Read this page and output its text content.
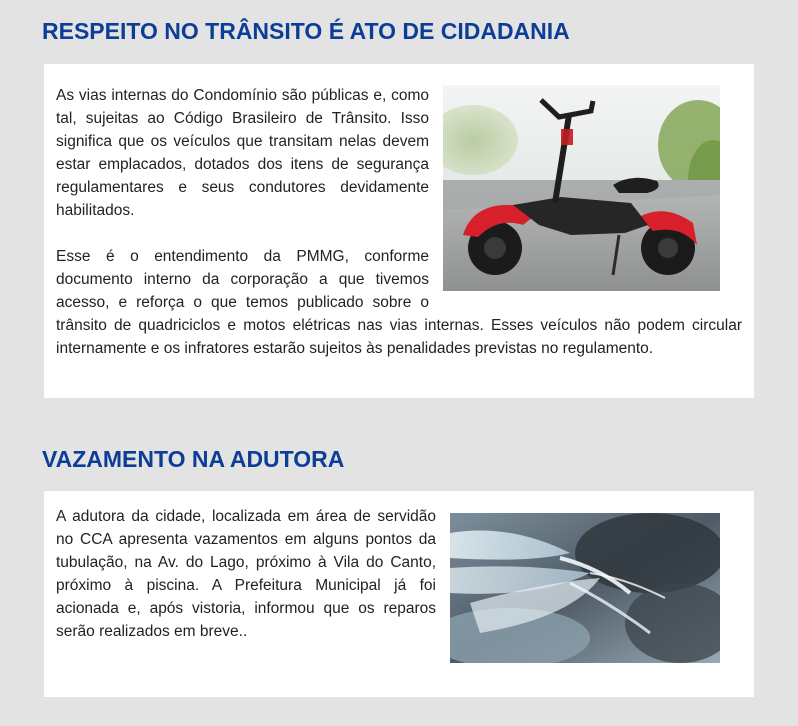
RESPEITO NO TRÂNSITO É ATO DE CIDADANIA

As vias internas do Condomínio são públicas e, como tal, sujeitas ao Código Brasileiro de Trânsito. Isso significa que os veículos que transitam nelas devem estar emplacados, dotados dos itens de segurança regulamentares e seus condutores devidamente habilitados.

Esse é o entendimento da PMMG, conforme documento interno da corporação a que tivemos acesso, e reforça o que temos publicado sobre o trânsito de quadriciclos e motos elétricas nas vias internas. Esses veículos não podem circular internamente e os infratores estarão sujeitos às penalidades previstas no regulamento.

VAZAMENTO NA ADUTORA

A adutora da cidade, localizada em área de servidão no CCA apresenta vazamentos em alguns pontos da tubulação, na Av. do Lago, próximo à Vila do Canto, próximo à piscina. A Prefeitura Municipal já foi acionada e, após vistoria, informou que os reparos serão realizados em breve..
